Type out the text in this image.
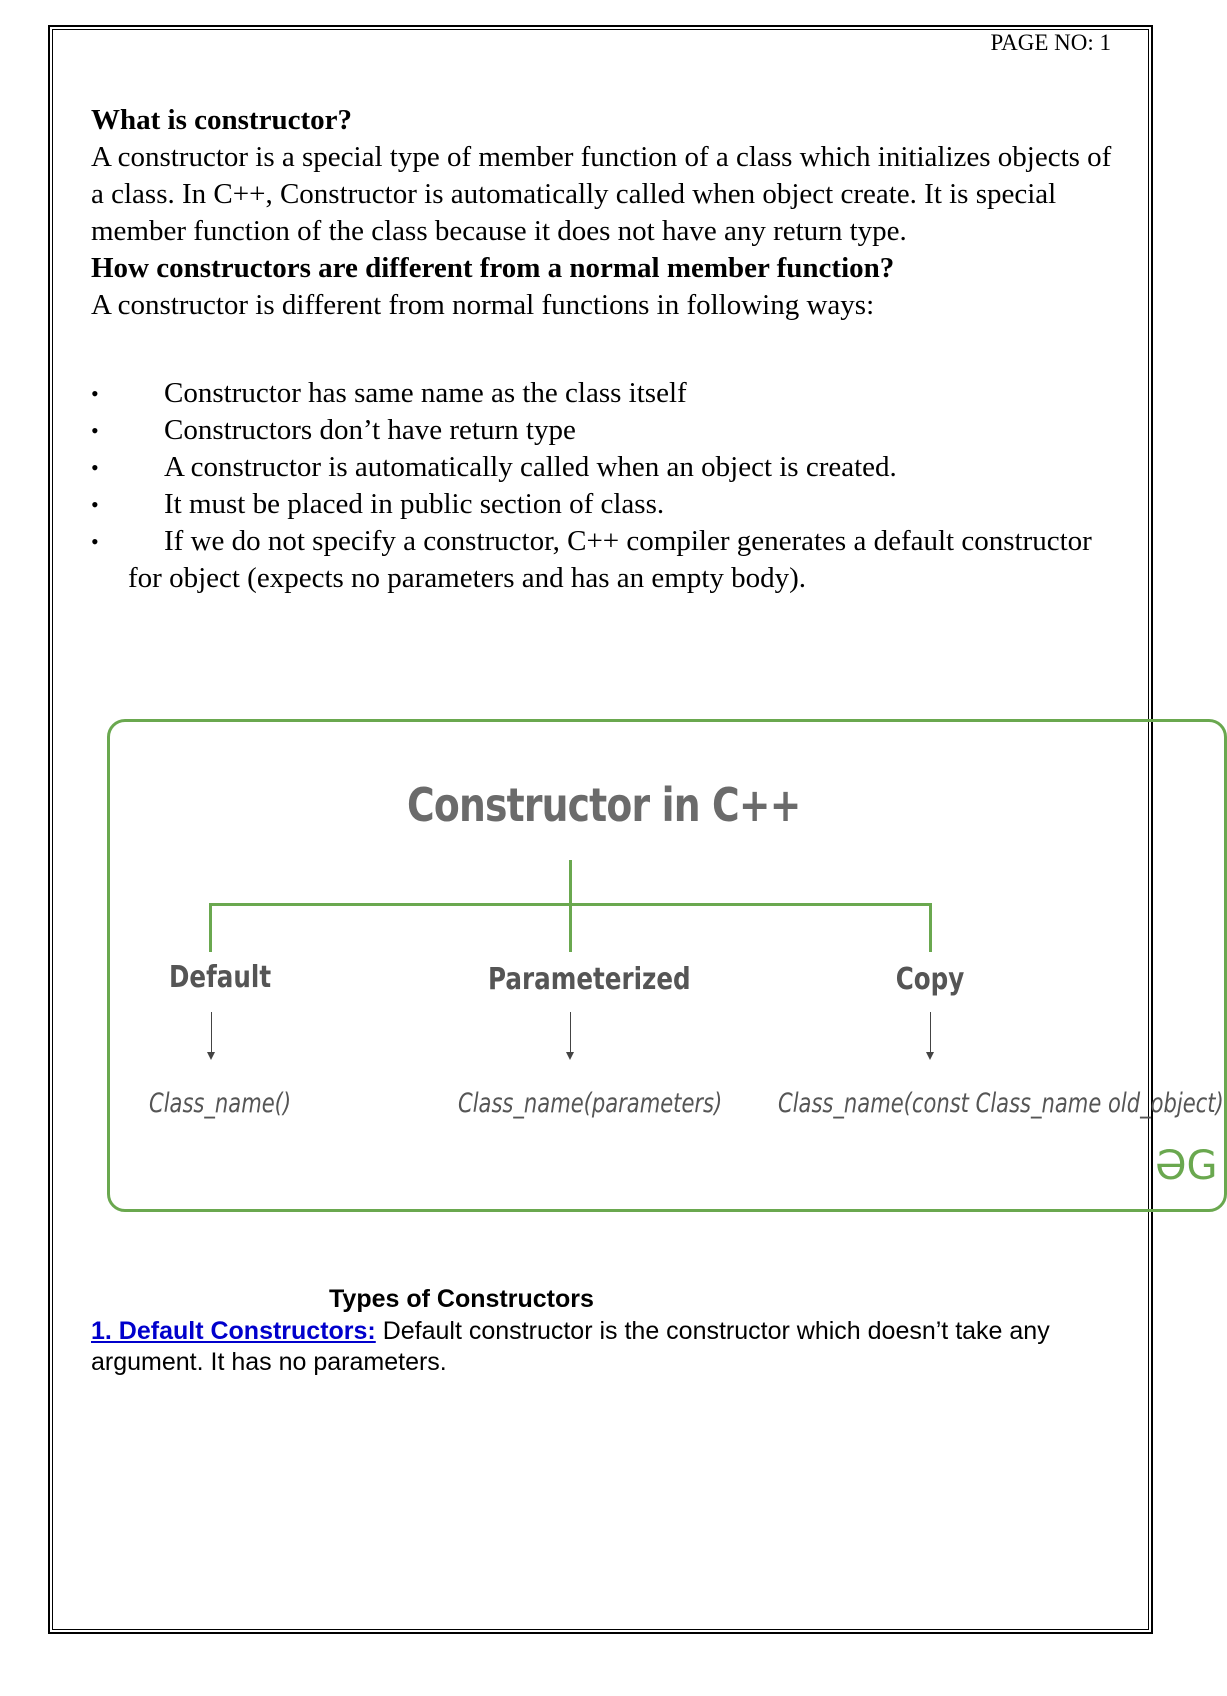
PAGE NO: 1
What is constructor?

A constructor is a special type of member function of a class which initializes objects of a class. In C++, Constructor is automatically called when object create. It is special member function of the class because it does not have any return type.

How constructors are different from a normal member function?

A constructor is different from normal functions in following ways:

• Constructor has same name as the class itself
• Constructors don’t have return type
• A constructor is automatically called when an object is created.
• It must be placed in public section of class.
• If we do not specify a constructor, C++ compiler generates a default constructor for object (expects no parameters and has an empty body).
Constructor in C++
Default	Parameterized	Copy
Class_name()	Class_name(parameters) Class_name(const Class_name old_object)
ƏG
Types of Constructors

1. Default Constructors: Default constructor is the constructor which doesn’t take any argument. It has no parameters.
